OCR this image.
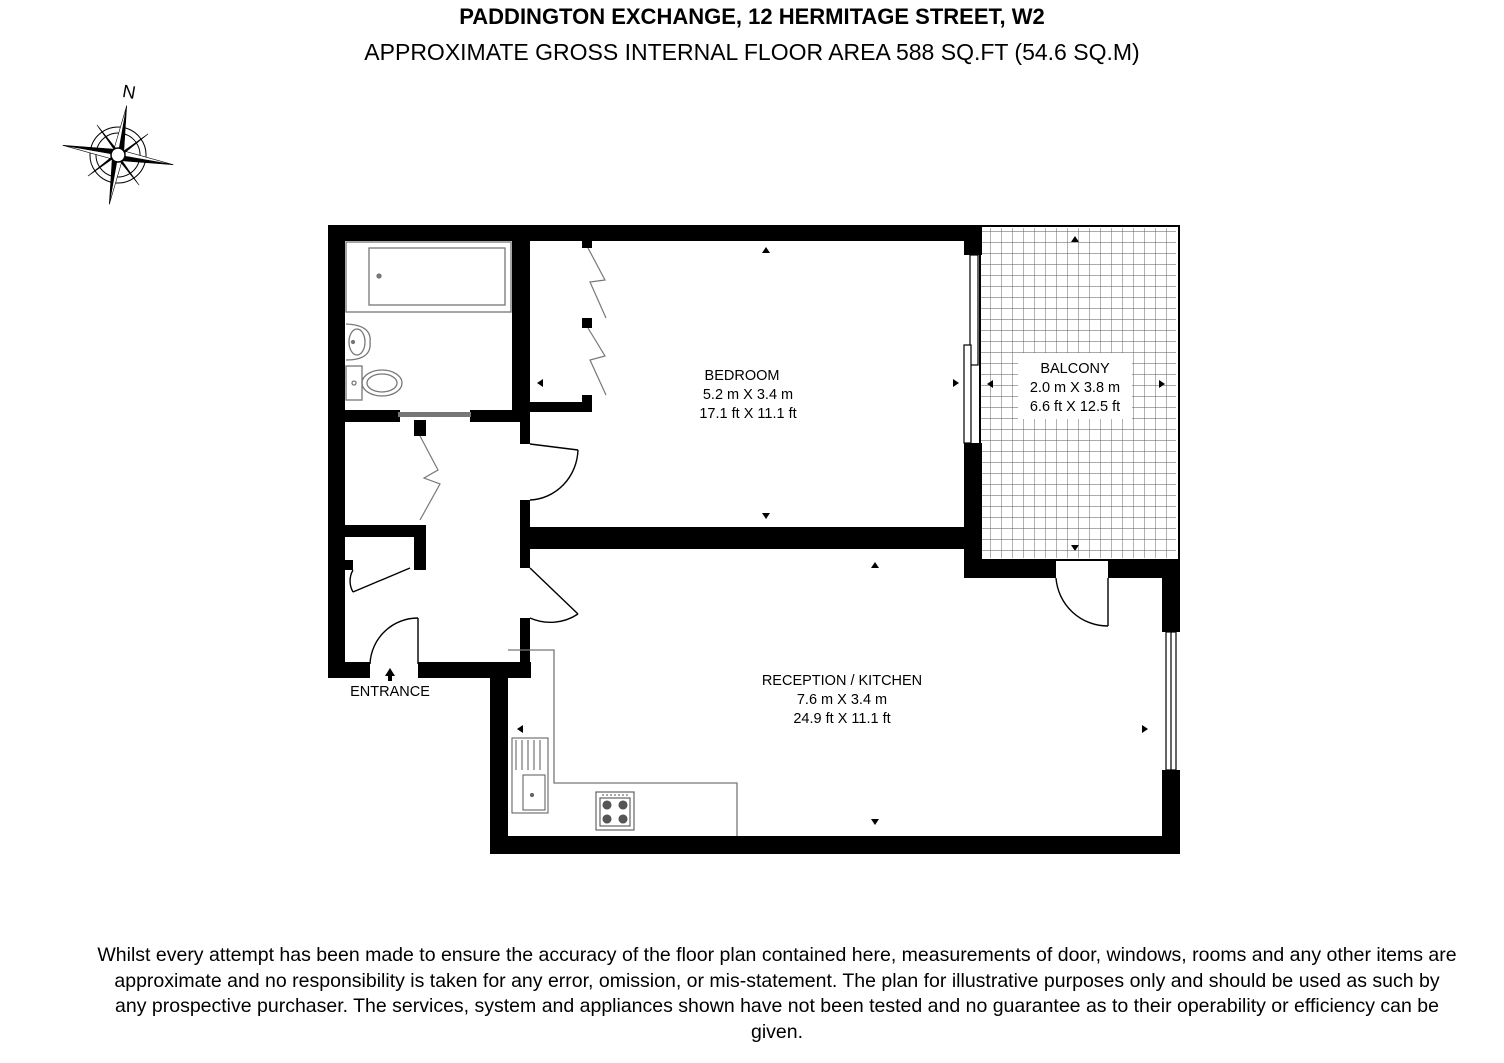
PADDINGTON EXCHANGE, 12 HERMITAGE STREET, W2
APPROXIMATE GROSS INTERNAL FLOOR AREA 588 SQ.FT (54.6 SQ.M)
N
BEDROOM
5.2 m X 3.4 m
17.1 ft X 11.1 ft
BALCONY
2.0 m X 3.8 m
6.6 ft X 12.5 ft
RECEPTION / KITCHEN
7.6 m X 3.4 m
24.9 ft X 11.1 ft
ENTRANCE
Whilst every attempt has been made to ensure the accuracy of the floor plan contained here, measurements of door, windows, rooms and any other items are approximate and no responsibility is taken for any error, omission, or mis-statement. The plan for illustrative purposes only and should be used as such by any prospective purchaser. The services, system and appliances shown have not been tested and no guarantee as to their operability or efficiency can be given.
